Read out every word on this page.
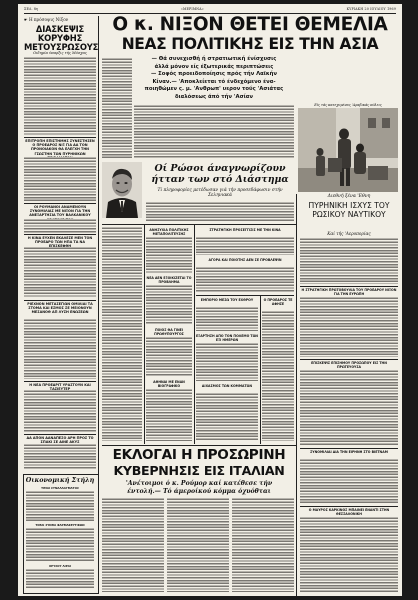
ΣΕΛ. 8η	«ΜΕΡΙΜΝΑ»	ΚΥΡΙΑΚΗ 20 ΙΟΥΛΙΟΥ 1969
☛ Η πρόσοψις Νίξον
ΔΙΑΣΚΕΨΙΣ ΚΟΡΥΦΗΣ ΜΕΤΟΥΣΡΩΣΟΥΣ
Οιδημία ύπαρξις τής Μόσχας
ΕΠΙΤΡΟΠΗ ΕΠΙΣΤΗΜΗΣ ΣΥΝΕΣΤΗΣΕΝ Ο ΠΡΟΕΔΡΟΣ ΝΙΞ ΓΙΑ ΔΑ ΤΟΝ ΠΡΟΝΟΙΑΚΟΝ ΘΑ ΕΛΕΓΧΗ ΤΗΝ ΓΣΩΣΤΗΝ ΤΩΝ ΠΥΡΗΝΙΚΩΝ
ΟΙ ΡΟΥΜΑΝΟΙ ΑΝΑΜΕΝΟΥΝ ΣΥΝΟΜΙΛΙΑΣ ΜΕ ΝΙΞΟΝ ΓΙΑ ΤΗΝ ΑΝΕΞΑΡΤΗΣΙΑ ΤΟΥ ΒΑΛΚΑΝΙΚΟΥ
Η ΚΙΝΑ ΕΥΧΕΝ ΕΚΑΛΕΣΕ ΜΕΝ ΤΟΝ ΠΡΟΕΔΡΟ ΤΩΝ ΗΠΑ ΤΑ ΝΑ
ΡΙΕΧΝΟΝ ΜΕΤΑΣΕΓΙΩΝ ΟΜΙΛΙΑΙ ΤΑ ΣΤΟΜΑ ΚΑΙ ΕΣΜΟΣ ΣΕ ΜΕΙΟΝΟΥΝ ΜΕΣΑΝΟΘ ΑΠ ΛΥΣΗ ΕΝΩΣΕΩΝ
Η ΝΕΑ ΠΡΟΕΔΡΙΤ ΥΡΑΣΤΟΥΝ ΚΑΙ
ΔΑ ΑΠΟΝ ΔΑΝΑΠΕΣΟ ΑΡΗ ΠΡΟΣ ΤΟ ΣΠΑΚΙ ΣΕ ΔΙΝΕ ΑΚΥΣ
Οικονομική Στήλη
ΤΙΜΑΙ ΣΥΝΑΛΛΑΓΜΑΤΟΣ
ΤΙΜΑΙ ΣΥΝΘΑ ΦΑΡΜΑΚΕΥΤΙΚΩΝ
ΧΡΥΣΟΥ ΛΙΡΑΙ
Ο κ. ΝΙΞΟΝ ΘΕΤΕΙ ΘΕΜΕΛΙΑ
ΝΕΑΣ ΠΟΛΙΤΙΚΗΣ ΕΙΣ ΤΗΝ ΑΣΙΑ
— Θά συνεχισθή ή στρατιωτική ένίσχυσις
άλλά μόνον είς έξωτερικάς περιπτώσεις
— Σοφός προειδοποίησις πρός τήν Λαϊκήν
Κίναν.— 'Αποκλείεται τό ένδεχόμενο ένα-
ποιηθώμεν ς. μ. 'Ανθρωπ' υερον τούς 'Ασιάτας
διαλόσεως άπό τήν 'Ασίαν
Είς τάς κατεχομένας 'Αραβικάς πόλεις
Οί Ρώσοι άναγνωρίζουν ήτταν των στό Διάστημα
Τί πληροφορίες μετέδωσαν γιά τήν προσεδάφωσιν στήν Σεληνιακά	Διεθνή ξένα 'Εθνη
ΠΥΡΗΝΙΚΗ ΙΣΧΥΣ ΤΟΥ ΡΩΣΙΚΟΥ ΝΑΥΤΙΚΟΥ
Καί τής 'Αεροπορίας
Η ΣΤΡΑΤΗΓΙΚΗ ΠΡΩΤΟΒΟΥΛΙΑ ΤΟΥ ΠΡΟΕΔΡΟΥ ΝΙΞΟΝ ΓΙΑ ΤΗΝ ΕΥΡΩΠΗ
ΕΠΙΣΚΕΨΙΣ ΕΠΙΣΗΜΟΥ ΠΡΟΣΩΠΟΥ ΕΙΣ ΤΗΝ ΠΡΩΤΕΥΟΥΣΑ
ΣΥΝΟΜΙΛΙΑΙ ΔΙΑ ΤΗΝ ΕΙΡΗΝΗ ΣΤΟ ΒΙΕΤΝΑΜ
Ο ΜΑΥΡΟΣ ΚΑΡΚΙΝΟΣ ΜΠΑΙΝΕΙ ΕΝΑΝΤΙ ΣΤΗΝ ΘΕΣΣΑΛΟΝΙΚΗ
ΑΝΗΣΥΧΙΑ ΠΟΛΙΤΙΚΗΣ ΜΕΤΑΠΟΛΙΤΕΥΣΗΣ
ΝΕΑ ΔΕΝ ΕΞΟΙΚΙΖΕΤΑΙ ΤΟ ΠΡΟΒΛΗΜΑ
ΠΟΙΟΣ ΘΑ ΓΙΝΕΙ ΠΡΩΘΥΠΟΥΡΓΟΣ
ΑΘΗΝΑΙ ΜΕ ΕΝΑΝ ΒΙΟΓΡΑΦΙΚΟ
ΣΤΡΑΤΗΓΙΚΗ ΠΡΟΣΕΓΓΙΣΙΣ ΜΕ ΤΗΝ ΚΙΝΑ
ΑΓΟΡΑ ΚΑΙ ΠΟΙΟΤΗΣ ΔΕΝ ΣΕ ΠΡΟΒΛΕΨΙΝ
ΕΜΠΟΡΙΟ ΜΕΣΩ ΤΟΥ ΕΧΘΡΟΥ
ΕΞΑΡΤΗΣΗ ΑΠΟ ΤΟΝ ΠΟΛΕΜΟ ΤΩΝ ΕΞΙ ΗΜΕΡΩΝ
ΔΙΧΑΣΜΟΣ ΤΩΝ ΚΟΜΜΑΤΩΝ
Ο ΠΡΟΕΔΡΟΣ ΤΕ ΑΦΗΣΕ
ΕΚΛΟΓΑΙ Η ΠΡΟΣΩΡΙΝΗ
ΚΥΒΕΡΝΗΣΙΣ ΕΙΣ ΙΤΑΛΙΑΝ
'Ανέτοιμοι ό κ. Ρούμορ καί κατέθεσε τήν
έντολή.— Τό άμεροίκού κόμμα όχυόθται
